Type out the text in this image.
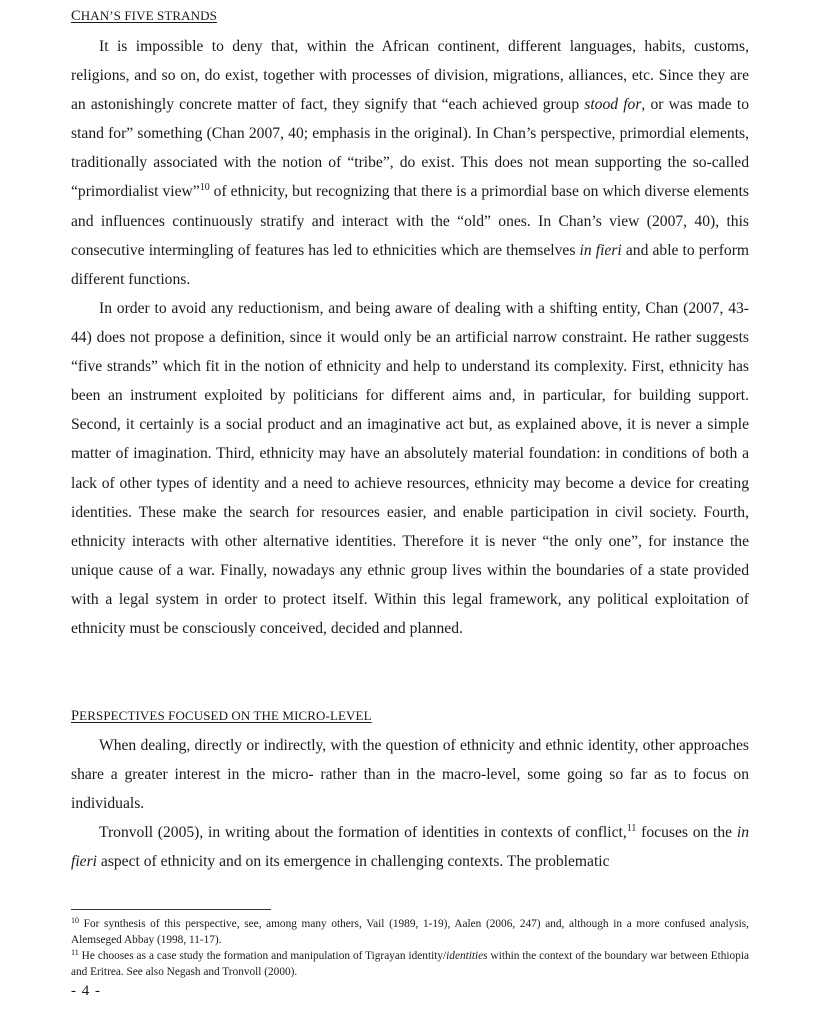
CHAN’S FIVE STRANDS

It is impossible to deny that, within the African continent, different languages, habits, customs, religions, and so on, do exist, together with processes of division, migrations, alliances, etc. Since they are an astonishingly concrete matter of fact, they signify that “each achieved group stood for, or was made to stand for” something (Chan 2007, 40; emphasis in the original). In Chan’s perspective, primordial elements, traditionally associated with the notion of “tribe”, do exist. This does not mean supporting the so-called “primordialist view”$^{10}$ of ethnicity, but recognizing that there is a primordial base on which diverse elements and influences continuously stratify and interact with the “old” ones. In Chan’s view (2007, 40), this consecutive intermingling of features has led to ethnicities which are themselves in fieri and able to perform different functions.

In order to avoid any reductionism, and being aware of dealing with a shifting entity, Chan (2007, 43-44) does not propose a definition, since it would only be an artificial narrow constraint. He rather suggests “five strands” which fit in the notion of ethnicity and help to understand its complexity. First, ethnicity has been an instrument exploited by politicians for different aims and, in particular, for building support. Second, it certainly is a social product and an imaginative act but, as explained above, it is never a simple matter of imagination. Third, ethnicity may have an absolutely material foundation: in conditions of both a lack of other types of identity and a need to achieve resources, ethnicity may become a device for creating identities. These make the search for resources easier, and enable participation in civil society. Fourth, ethnicity interacts with other alternative identities. Therefore it is never “the only one”, for instance the unique cause of a war. Finally, nowadays any ethnic group lives within the boundaries of a state provided with a legal system in order to protect itself. Within this legal framework, any political exploitation of ethnicity must be consciously conceived, decided and planned.

PERSPECTIVES FOCUSED ON THE MICRO-LEVEL

When dealing, directly or indirectly, with the question of ethnicity and ethnic identity, other approaches share a greater interest in the micro- rather than in the macro-level, some going so far as to focus on individuals.

Tronvoll (2005), in writing about the formation of identities in contexts of conflict,$^{11}$ focuses on the in fieri aspect of ethnicity and on its emergence in challenging contexts. The problematic

$^{10}$ For synthesis of this perspective, see, among many others, Vail (1989, 1-19), Aalen (2006, 247) and, although in a more confused analysis, Alemseged Abbay (1998, 11-17).

$^{11}$ He chooses as a case study the formation and manipulation of Tigrayan identity/identities within the context of the boundary war between Ethiopia and Eritrea. See also Negash and Tronvoll (2000).

- 4 -
